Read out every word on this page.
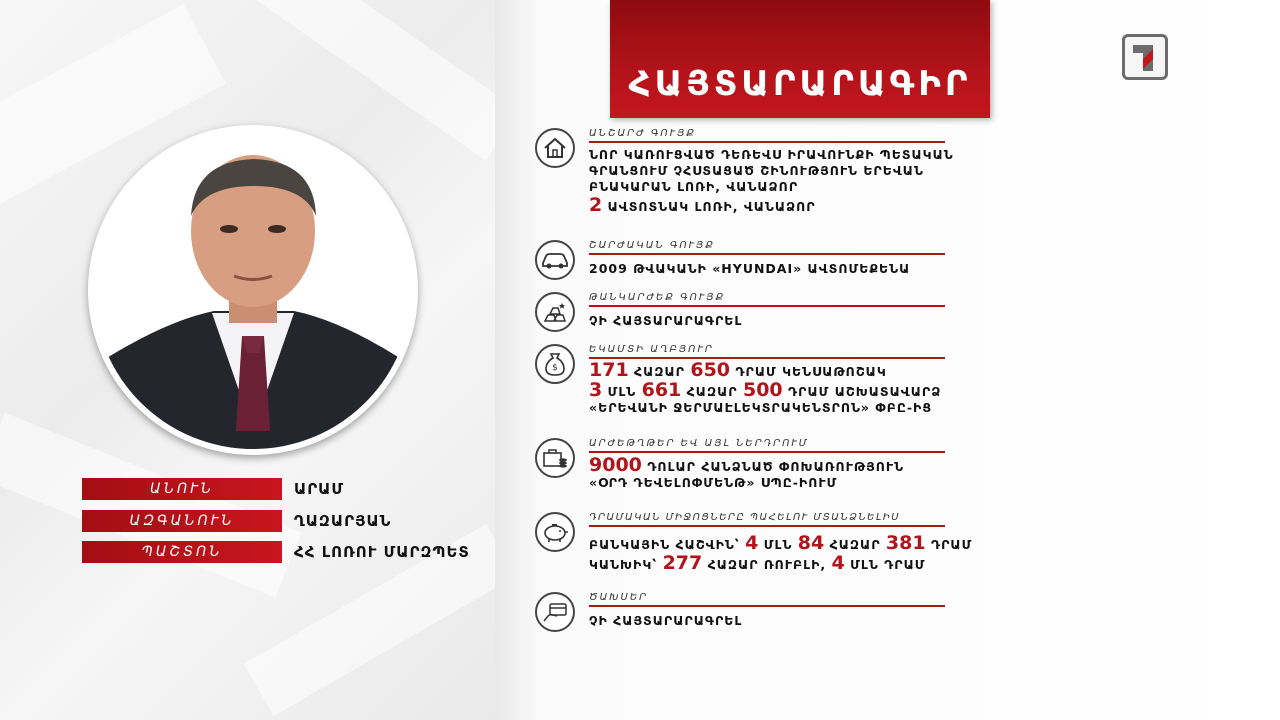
ԱՆՈՒՆ	ԱՐԱՄ
ԱԶԳԱՆՈՒՆ	ՂԱԶԱՐՅԱՆ
ՊԱՇՏՈՆ	ՀՀ ԼՈՌՈՒ ՄԱՐԶՊԵՏ
ՀԱՅՏԱՐԱՐԱԳԻՐ
ԱՆՇԱՐԺ ԳՈՒՅՔ
ՆՈՐ ԿԱՌՈՒՑՎԱԾ ԴԵՌԵՎՍ ԻՐԱՎՈՒՆՔԻ ՊԵՏԱԿԱՆ
ԳՐԱՆՑՈՒՄ ՉՀՍՏԱՑԱԾ ՇԻՆՈՒԹՅՈՒՆ ԵՐԵՎԱՆ
ԲՆԱԿԱՐԱՆ ԼՈՌԻ, ՎԱՆԱՁՈՐ
2 ԱՎՏՈՏՆԱԿ ԼՈՌԻ, ՎԱՆԱՁՈՐ
ՇԱՐԺԱԿԱՆ ԳՈՒՅՔ
2009 ԹՎԱԿԱՆԻ «HYUNDAI» ԱՎՏՈՄԵՔԵՆԱ
ԹԱՆԿԱՐԺԵՔ ԳՈՒՅՔ
ՉԻ ՀԱՅՏԱՐԱՐԱԳՐԵԼ
$
ԵԿԱՄՏԻ ԱՂԲՅՈՒՐ
171 ՀԱԶԱՐ 650 ԴՐԱՄ ԿԵՆՍԱԹՈՇԱԿ
3 ՄԼՆ 661 ՀԱԶԱՐ 500 ԴՐԱՄ ԱՇԽԱՏԱՎԱՐՁ
«ԵՐԵՎԱՆԻ ՋԵՐՄԱԷԼԵԿՏՐԱԿԵՆՏՐՈՆ» ՓԲԸ-ԻՑ
ԱՐԺԵԹՂԹԵՐ ԵՎ ԱՅԼ ՆԵՐԴՐՈՒՄ
9000 ԴՈԼԱՐ ՀԱՆՁՆԱԾ ՓՈԽԱՌՈՒԹՅՈՒՆ
«ՕՐԴ ԴԵՎԵԼՈՓՄԵՆԹ» ՍՊԸ-ԻՈՒՄ
ԴՐԱՄԱԿԱՆ ՄԻՋՈՑՆԵՐԸ ՊԱՀԵԼՈՒ ՄՏԱՆՁՆԵԼԻՍ
ԲԱՆԿԱՅԻՆ ՀԱՇՎԻՆ՝ 4 ՄԼՆ 84 ՀԱԶԱՐ 381 ԴՐԱՄ
ԿԱՆԽԻԿ՝ 277 ՀԱԶԱՐ ՌՈՒԲԼԻ, 4 ՄԼՆ ԴՐԱՄ
ԾԱԽՍԵՐ
ՉԻ ՀԱՅՏԱՐԱՐԱԳՐԵԼ
